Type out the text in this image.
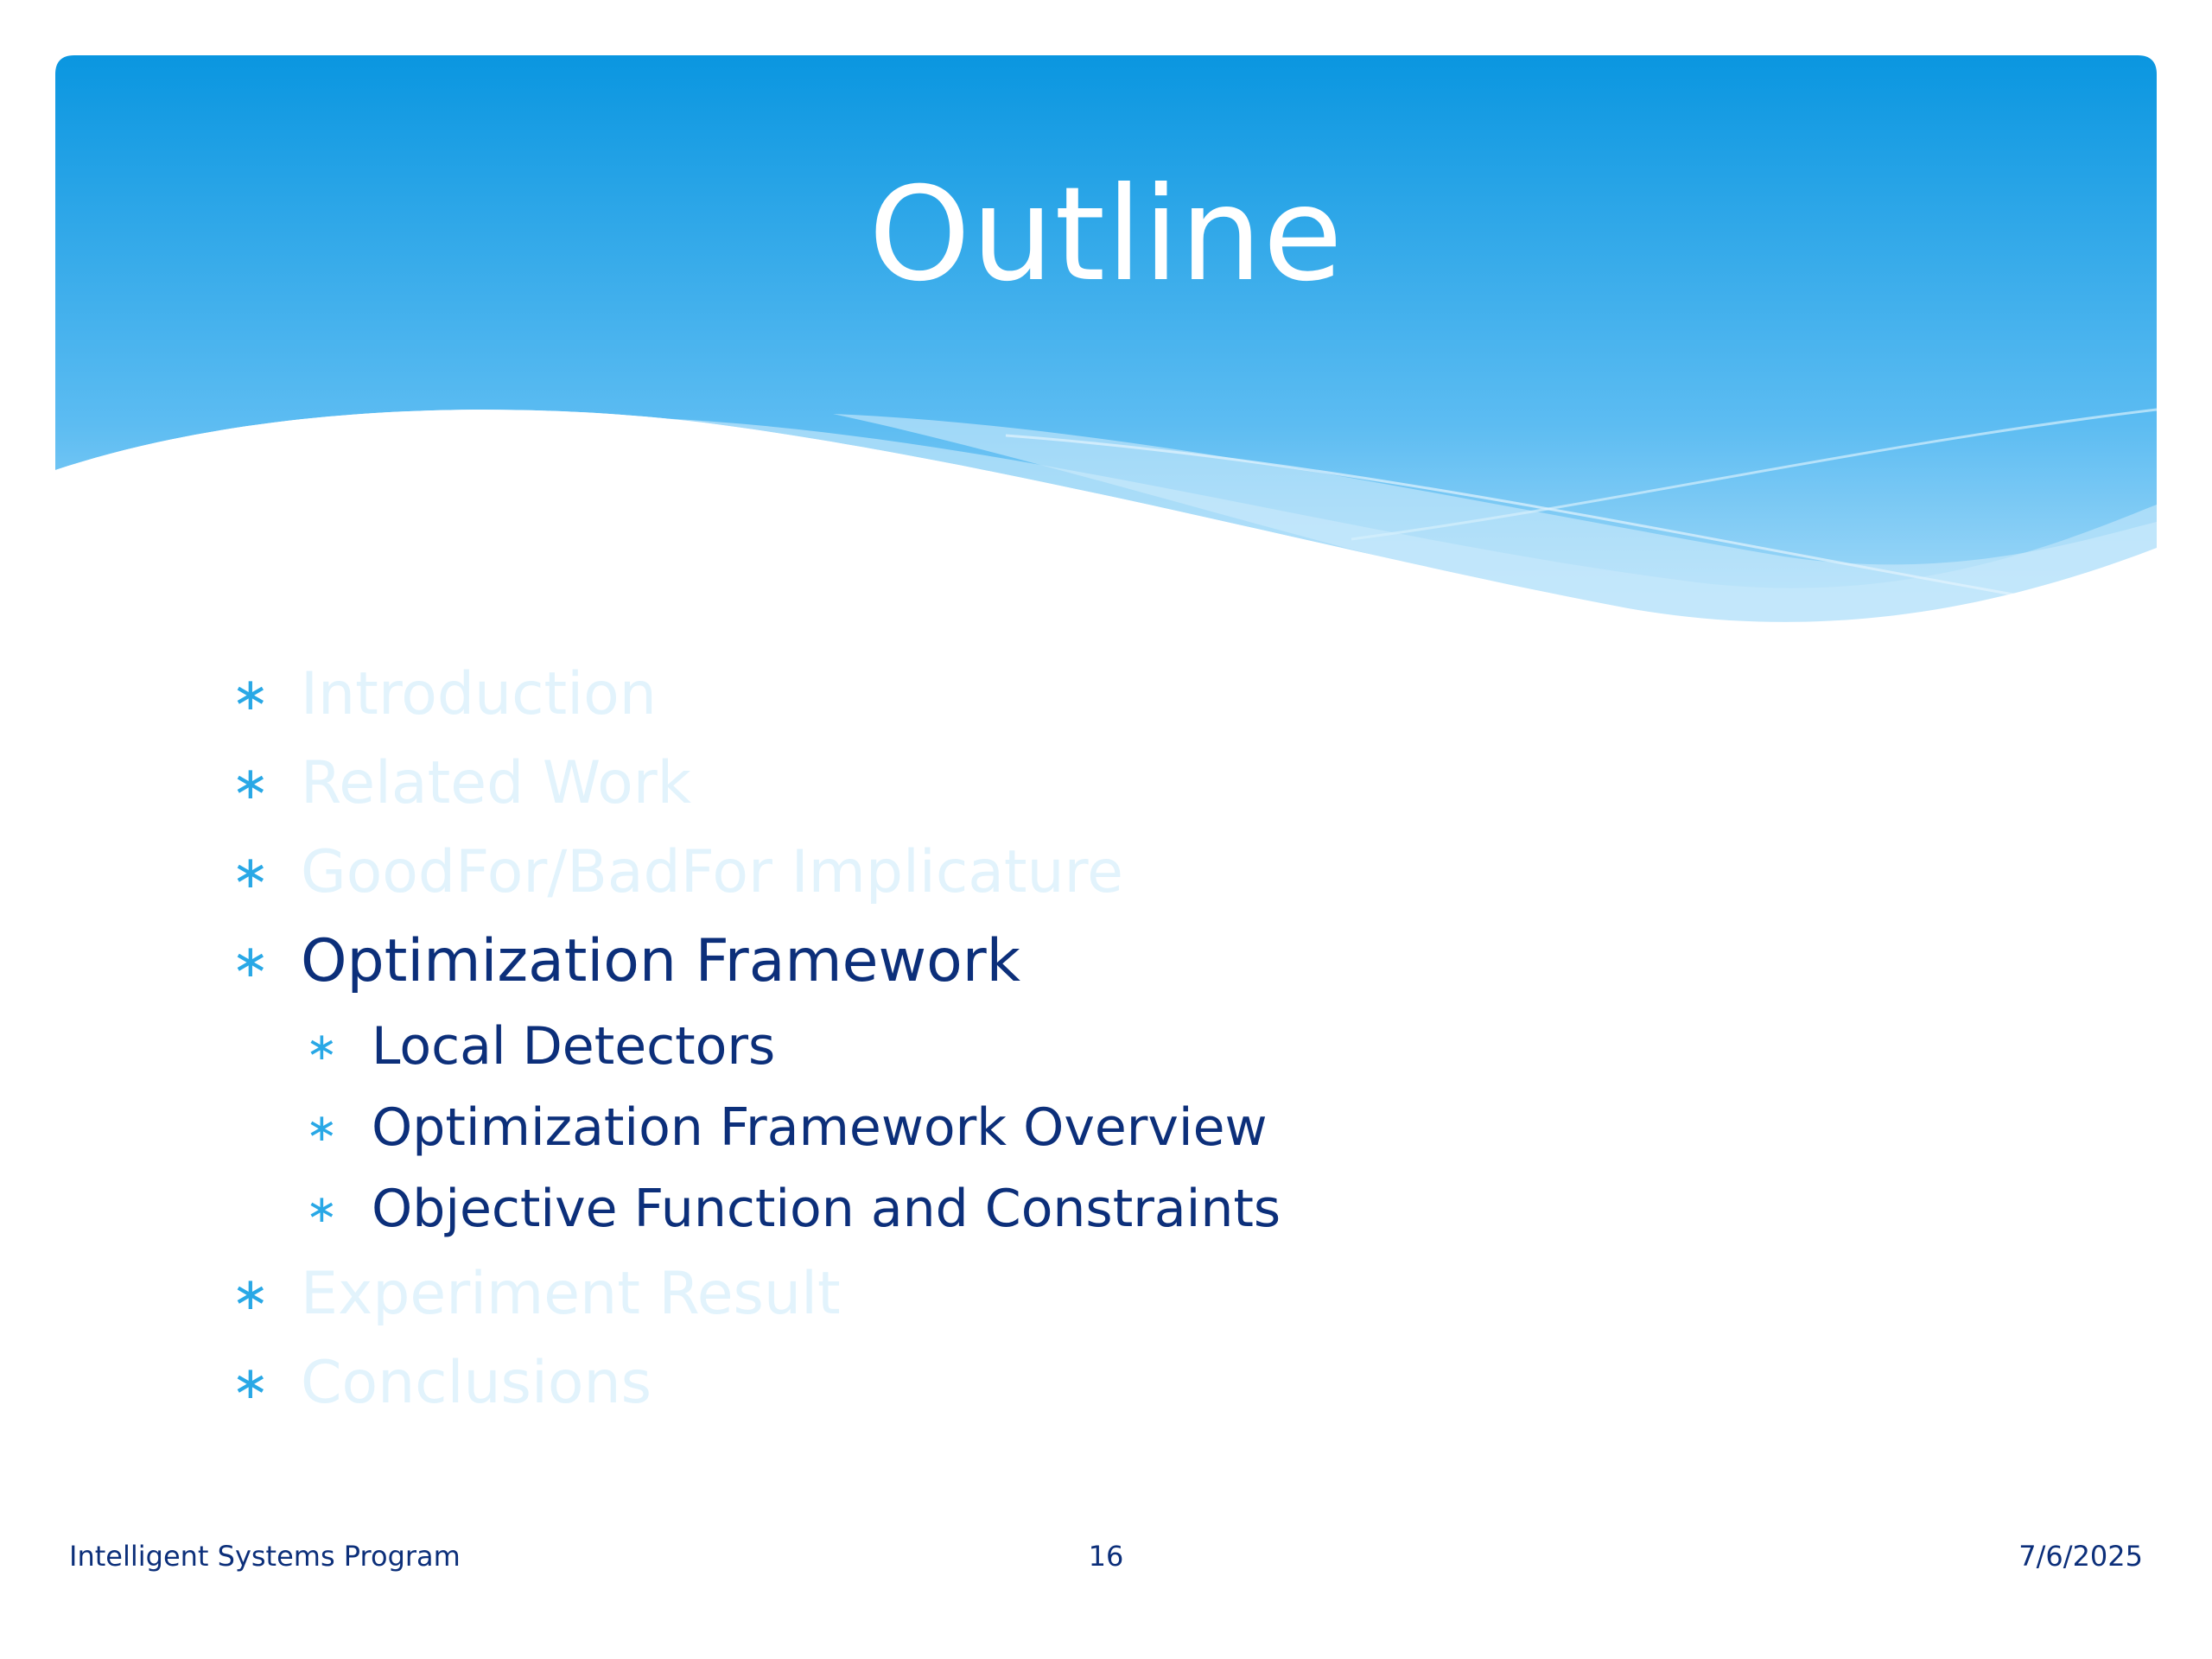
Outline
∗ Introduction
∗ Related Work
∗ GoodFor/BadFor Implicature
∗ Optimization Framework
∗ Local Detectors
∗ Optimization Framework Overview
∗ Objective Function and Constraints
∗ Experiment Result
∗ Conclusions
Intelligent Systems Program	16	7/6/2025
